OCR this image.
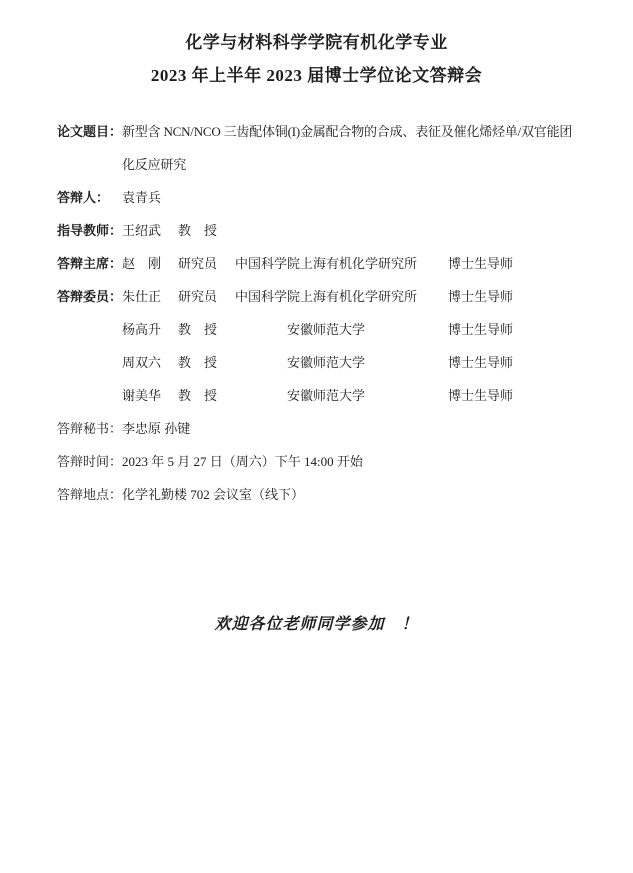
化学与材料科学学院有机化学专业
2023 年上半年 2023 届博士学位论文答辩会
论文题目： 新型含 NCN/NCO 三齿配体铜(I)金属配合物的合成、表征及催化烯烃单/双官能团
化反应研究
答辩人： 袁青兵
指导教师： 王绍武	教　授
答辩主席： 赵　刚	研究员	中国科学院上海有机化学研究所	博士生导师
答辩委员： 朱仕正	研究员	中国科学院上海有机化学研究所	博士生导师
杨高升	教　授	安徽师范大学	博士生导师
周双六	教　授	安徽师范大学	博士生导师
谢美华	教　授	安徽师范大学	博士生导师
答辩秘书： 李忠原 孙键
答辩时间： 2023 年 5 月 27 日（周六）下午 14:00 开始
答辩地点： 化学礼勤楼 702 会议室（线下）
欢迎各位老师同学参加　！
